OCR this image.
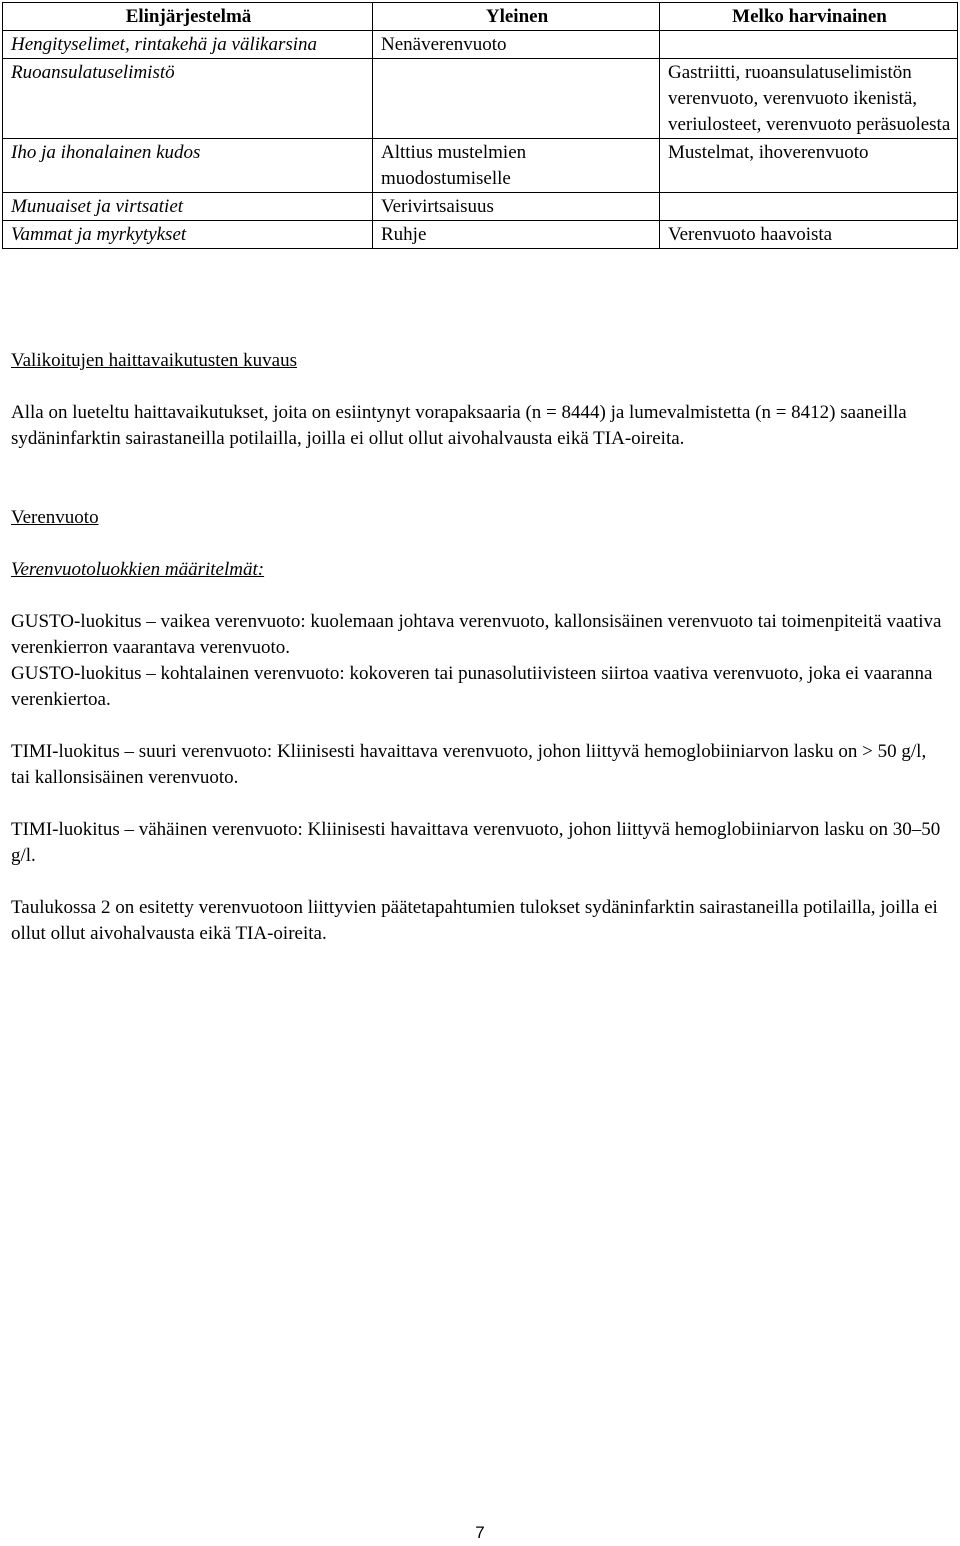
Elinjärjestelmä	Yleinen	Melko harvinainen
Hengityselimet, rintakehä ja välikarsina	Nenäverenvuoto	
Ruoansulatuselimistö		Gastriitti, ruoansulatuselimistön verenvuoto, verenvuoto ikenistä, veriulosteet, verenvuoto peräsuolesta
Iho ja ihonalainen kudos	Alttius mustelmien muodostumiselle	Mustelmat, ihoverenvuoto
Munuaiset ja virtsatiet	Verivirtsaisuus	
Vammat ja myrkytykset	Ruhje	Verenvuoto haavoista

Valikoitujen haittavaikutusten kuvaus

Alla on lueteltu haittavaikutukset, joita on esiintynyt vorapaksaaria (n = 8444) ja lumevalmistetta (n = 8412) saaneilla sydäninfarktin sairastaneilla potilailla, joilla ei ollut ollut aivohalvausta eikä TIA-oireita.

Verenvuoto

Verenvuotoluokkien määritelmät:

GUSTO-luokitus – vaikea verenvuoto: kuolemaan johtava verenvuoto, kallonsisäinen verenvuoto tai toimenpiteitä vaativa verenkierron vaarantava verenvuoto.

GUSTO-luokitus – kohtalainen verenvuoto: kokoveren tai punasolutiivisteen siirtoa vaativa verenvuoto, joka ei vaaranna verenkiertoa.

TIMI-luokitus – suuri verenvuoto: Kliinisesti havaittava verenvuoto, johon liittyvä hemoglobiiniarvon lasku on > 50 g/l, tai kallonsisäinen verenvuoto.

TIMI-luokitus – vähäinen verenvuoto: Kliinisesti havaittava verenvuoto, johon liittyvä hemoglobiiniarvon lasku on 30–50 g/l.

Taulukossa 2 on esitetty verenvuotoon liittyvien päätetapahtumien tulokset sydäninfarktin sairastaneilla potilailla, joilla ei ollut ollut aivohalvausta eikä TIA-oireita.

7
